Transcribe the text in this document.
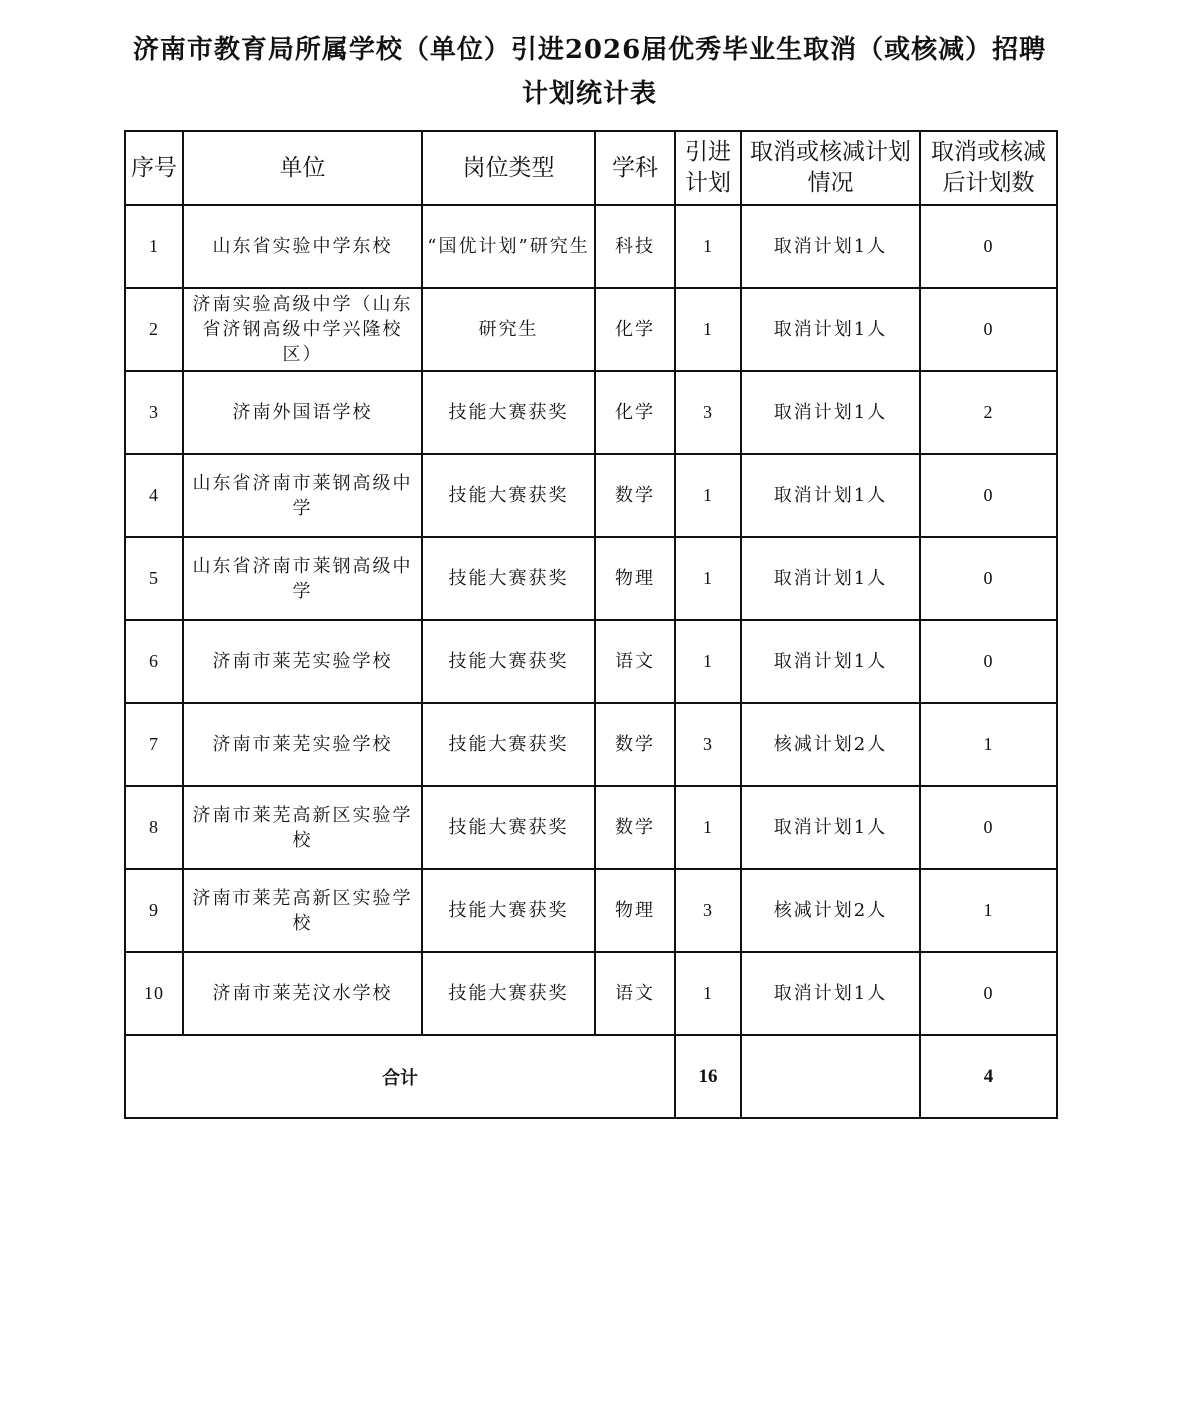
济南市教育局所属学校（单位）引进2026届优秀毕业生取消（或核减）招聘
计划统计表
序号	单位	岗位类型	学科	引进计划	取消或核减计划情况	取消或核减后计划数
1	山东省实验中学东校	“国优计划”研究生	科技	1	取消计划1人	0
2	济南实验高级中学（山东省济钢高级中学兴隆校区）	研究生	化学	1	取消计划1人	0
3	济南外国语学校	技能大赛获奖	化学	3	取消计划1人	2
4	山东省济南市莱钢高级中学	技能大赛获奖	数学	1	取消计划1人	0
5	山东省济南市莱钢高级中学	技能大赛获奖	物理	1	取消计划1人	0
6	济南市莱芜实验学校	技能大赛获奖	语文	1	取消计划1人	0
7	济南市莱芜实验学校	技能大赛获奖	数学	3	核减计划2人	1
8	济南市莱芜高新区实验学校	技能大赛获奖	数学	1	取消计划1人	0
9	济南市莱芜高新区实验学校	技能大赛获奖	物理	3	核减计划2人	1
10	济南市莱芜汶水学校	技能大赛获奖	语文	1	取消计划1人	0
合计				16		4
